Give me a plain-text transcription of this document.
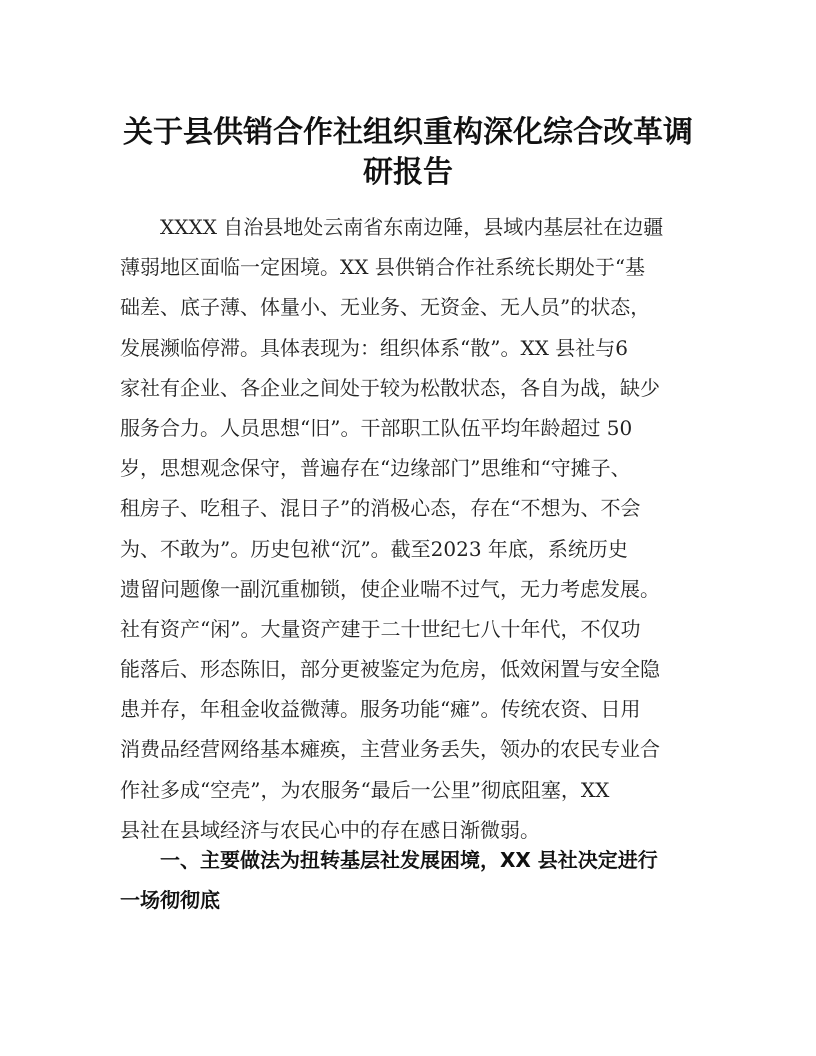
关于县供销合作社组织重构深化综合改革调
研报告
XXXX 自治县地处云南省东南边陲，县域内基层社在边疆
薄弱地区面临一定困境。XX 县供销合作社系统长期处于“基
础差、底子薄、体量小、无业务、无资金、无人员”的状态，
发展濒临停滞。具体表现为：组织体系“散”。XX 县社与6
家社有企业、各企业之间处于较为松散状态，各自为战，缺少
服务合力。人员思想“旧”。干部职工队伍平均年龄超过 50
岁，思想观念保守，普遍存在“边缘部门”思维和“守摊子、
租房子、吃租子、混日子”的消极心态，存在“不想为、不会
为、不敢为”。历史包袱“沉”。截至2023 年底，系统历史
遗留问题像一副沉重枷锁，使企业喘不过气，无力考虑发展。
社有资产“闲”。大量资产建于二十世纪七八十年代，不仅功
能落后、形态陈旧，部分更被鉴定为危房，低效闲置与安全隐
患并存，年租金收益微薄。服务功能“瘫”。传统农资、日用
消费品经营网络基本瘫痪，主营业务丢失，领办的农民专业合
作社多成“空壳”，为农服务“最后一公里”彻底阻塞，XX
县社在县域经济与农民心中的存在感日渐微弱。
一、主要做法为扭转基层社发展困境，XX 县社决定进行
一场彻彻底
